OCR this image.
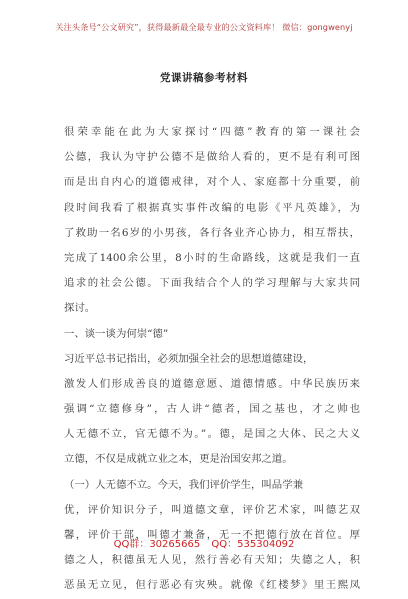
关注头条号“公文研究”，获得最新最全最专业的公文资料库！ 微信：gongwenyj
党课讲稿参考材料
很荣幸能在此为大家探讨“四德”教育的第一课社会
公德，我认为守护公德不是做给人看的，更不是有利可图
而是出自内心的道德戒律，对个人、家庭都十分重要，前
段时间我看了根据真实事件改编的电影《平凡英雄》，为
了救助一名6岁的小男孩，各行各业齐心协力，相互帮扶，
完成了1400余公里，8小时的生命路线，这就是我们一直
追求的社会公德。下面我结合个人的学习理解与大家共同
探讨。
一、谈一谈为何崇“德”
习近平总书记指出，必须加强全社会的思想道德建设，
激发人们形成善良的道德意愿、道德情感。中华民族历来
强调“立德修身”，古人讲“德者，国之基也，才之帅也
人无德不立，官无德不为。”。德，是国之大体、民之大义
立德，不仅是成就立业之本，更是治国安邦之道。
（一）人无德不立。今天，我们评价学生，叫品学兼
优，评价知识分子，叫道德文章，评价艺术家，叫德艺双
馨，评价干部，叫德才兼备，无一不把德行放在首位。厚
德之人，积德虽无人见，然行善必有天知；失德之人，积
恶虽无立见，但行恶必有灾殃。就像《红楼梦》里王熙凤
QQ群：30265665 QQ：535304092
